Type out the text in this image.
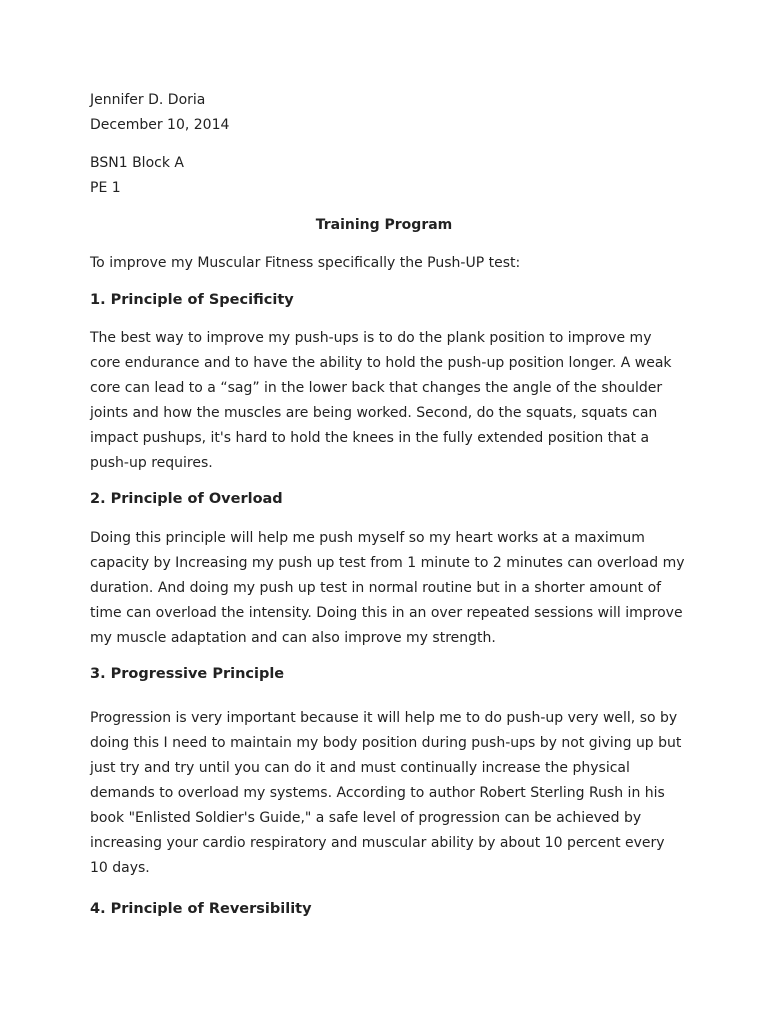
Jennifer D. Doria

December 10, 2014

BSN1 Block A

PE 1

Training Program

To improve my Muscular Fitness specifically the Push-UP test:

1. Principle of Specificity

The best way to improve my push-ups is to do the plank position to improve my
core endurance and to have the ability to hold the push-up position longer. A weak
core can lead to a “sag” in the lower back that changes the angle of the shoulder
joints and how the muscles are being worked. Second, do the squats, squats can
impact pushups, it's hard to hold the knees in the fully extended position that a
push-up requires.

2. Principle of Overload

Doing this principle will help me push myself so my heart works at a maximum
capacity by Increasing my push up test from 1 minute to 2 minutes can overload my
duration. And doing my push up test in normal routine but in a shorter amount of
time can overload the intensity. Doing this in an over repeated sessions will improve
my muscle adaptation and can also improve my strength.

3. Progressive Principle

Progression is very important because it will help me to do push-up very well, so by
doing this I need to maintain my body position during push-ups by not giving up but
just try and try until you can do it and must continually increase the physical
demands to overload my systems. According to author Robert Sterling Rush in his
book "Enlisted Soldier's Guide," a safe level of progression can be achieved by
increasing your cardio respiratory and muscular ability by about 10 percent every
10 days.

4. Principle of Reversibility
